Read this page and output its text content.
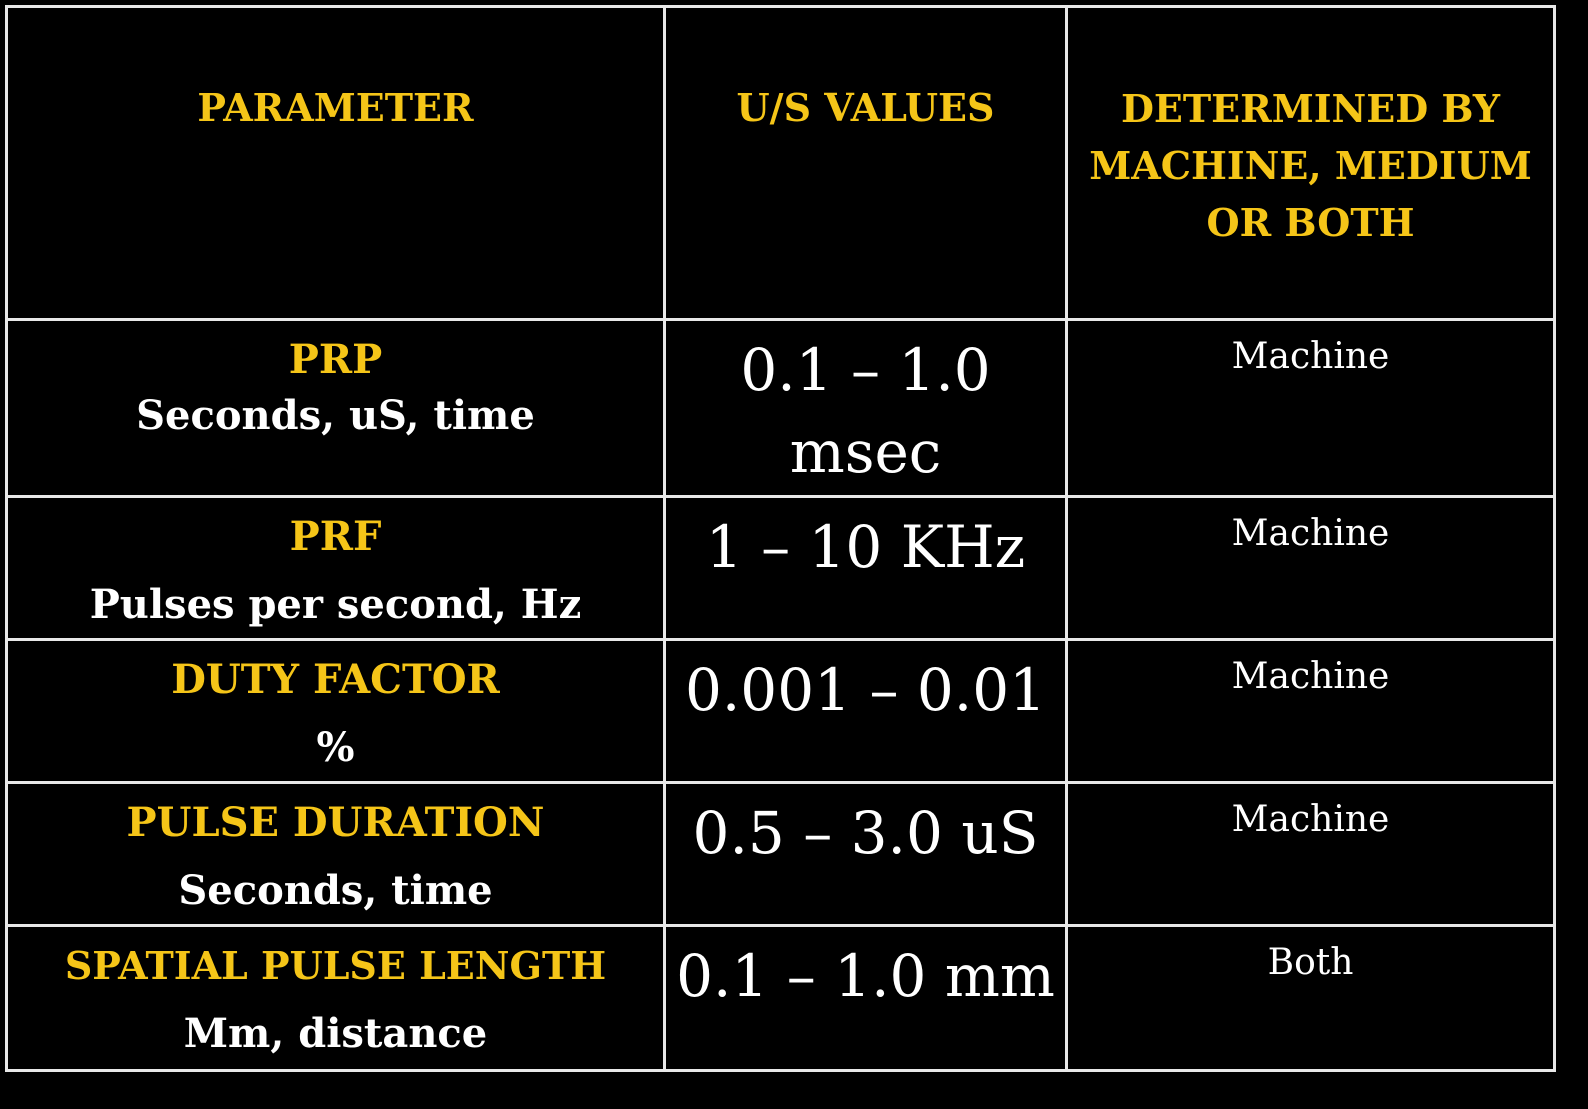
PARAMETER	U/S VALUES	DETERMINED BY MACHINE, MEDIUM OR BOTH

PRP
Seconds, uS, time	0.1 – 1.0 msec	Machine

PRF
Pulses per second, Hz	1 – 10 KHz	Machine

DUTY FACTOR
%	0.001 – 0.01	Machine

PULSE DURATION
Seconds, time	0.5 – 3.0 uS	Machine

SPATIAL PULSE LENGTH
Mm, distance	0.1 – 1.0 mm	Both
